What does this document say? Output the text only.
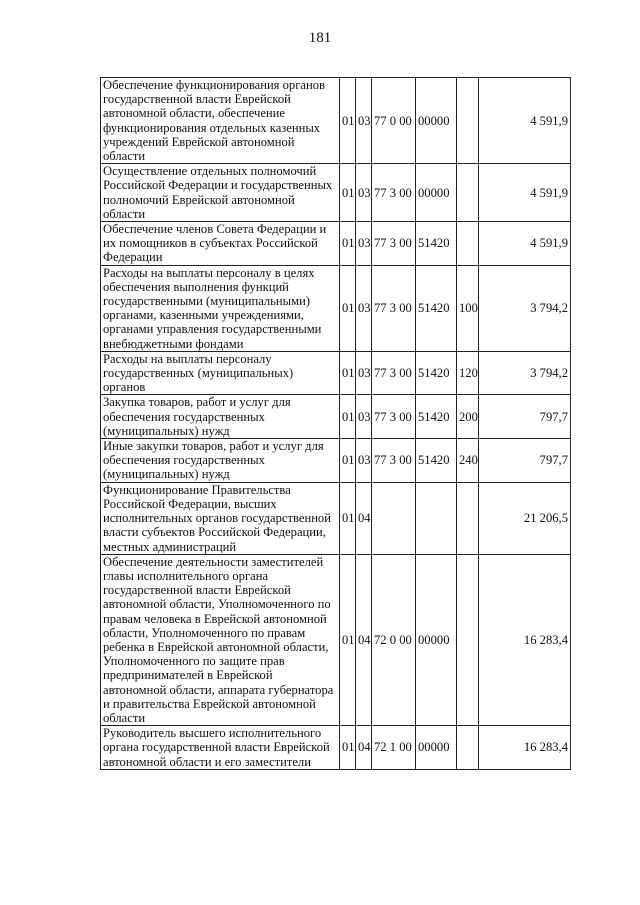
181
Обеспечение функционирования органов государственной власти Еврейской автономной области, обеспечение функционирования отдельных казенных учреждений Еврейской автономной области	01	03	77 0 00	00000		4 591,9
Осуществление отдельных полномочий Российской Федерации и государственных полномочий Еврейской автономной области	01	03	77 3 00	00000		4 591,9
Обеспечение членов Совета Федерации и их помощников в субъектах Российской Федерации	01	03	77 3 00	51420		4 591,9
Расходы на выплаты персоналу в целях обеспечения выполнения функций государственными (муниципальными) органами, казенными учреждениями, органами управления государственными внебюджетными фондами	01	03	77 3 00	51420	100	3 794,2
Расходы на выплаты персоналу государственных (муниципальных) органов	01	03	77 3 00	51420	120	3 794,2
Закупка товаров, работ и услуг для обеспечения государственных (муниципальных) нужд	01	03	77 3 00	51420	200	797,7
Иные закупки товаров, работ и услуг для обеспечения государственных (муниципальных) нужд	01	03	77 3 00	51420	240	797,7
Функционирование Правительства Российской Федерации, высших исполнительных органов государственной власти субъектов Российской Федерации, местных администраций	01	04				21 206,5
Обеспечение деятельности заместителей главы исполнительного органа государственной власти Еврейской автономной области, Уполномоченного по правам человека в Еврейской автономной области, Уполномоченного по правам ребенка в Еврейской автономной области, Уполномоченного по защите прав предпринимателей в Еврейской автономной области, аппарата губернатора и правительства Еврейской автономной области	01	04	72 0 00	00000		16 283,4
Руководитель высшего исполнительного органа государственной власти Еврейской автономной области и его заместители	01	04	72 1 00	00000		16 283,4
